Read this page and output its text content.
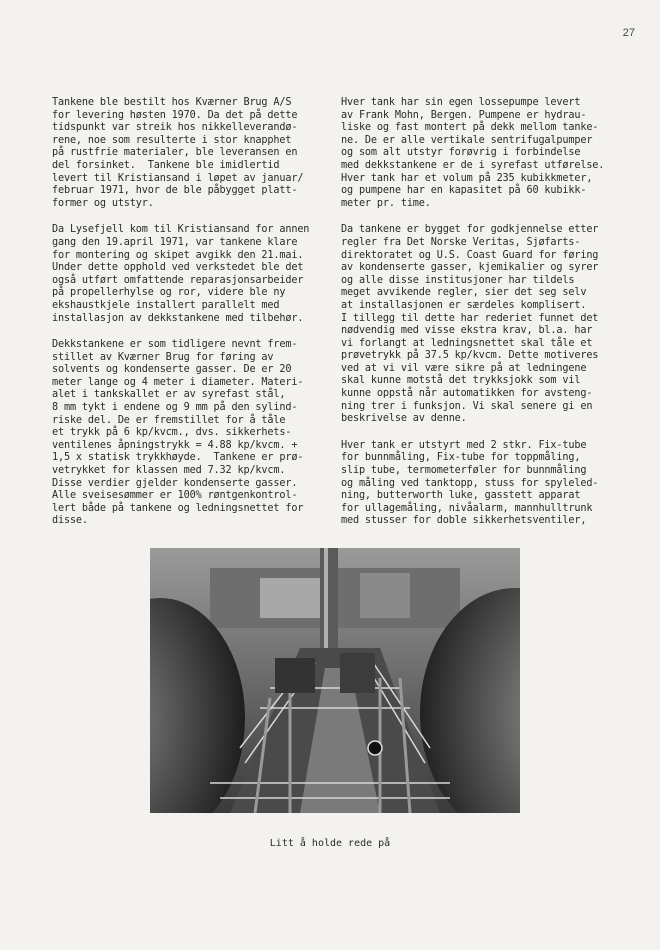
27

Tankene ble bestilt hos Kværner Brug A/S
for levering høsten 1970. Da det på dette
tidspunkt var streik hos nikkelleverandø-
rene, noe som resulterte i stor knapphet
på rustfrie materialer, ble leveransen en
del forsinket.  Tankene ble imidlertid
levert til Kristiansand i løpet av januar/
februar 1971, hvor de ble påbygget platt-
former og utstyr.

Da Lysefjell kom til Kristiansand for annen
gang den 19.april 1971, var tankene klare
for montering og skipet avgikk den 21.mai.
Under dette opphold ved verkstedet ble det
også utført omfattende reparasjonsarbeider
på propellerhylse og ror, videre ble ny
ekshaustkjele installert parallelt med
installasjon av dekkstankene med tilbehør.

Dekkstankene er som tidligere nevnt frem-
stillet av Kværner Brug for føring av
solvents og kondenserte gasser. De er 20
meter lange og 4 meter i diameter. Materi-
alet i tankskallet er av syrefast stål,
8 mm tykt i endene og 9 mm på den sylind-
riske del. De er fremstillet for å tåle
et trykk på 6 kp/kvcm., dvs. sikkerhets-
ventilenes åpningstrykk = 4.88 kp/kvcm. +
1,5 x statisk trykkhøyde.  Tankene er prø-
vetrykket for klassen med 7.32 kp/kvcm.
Disse verdier gjelder kondenserte gasser.
Alle sveisesømmer er 100% røntgenkontrol-
lert både på tankene og ledningsnettet for
disse.

Hver tank har sin egen lossepumpe levert
av Frank Mohn, Bergen. Pumpene er hydrau-
liske og fast montert på dekk mellom tanke-
ne. De er alle vertikale sentrifugalpumper
og som alt utstyr forøvrig i forbindelse
med dekkstankene er de i syrefast utførelse.
Hver tank har et volum på 235 kubikkmeter,
og pumpene har en kapasitet på 60 kubikk-
meter pr. time.

Da tankene er bygget for godkjennelse etter
regler fra Det Norske Veritas, Sjøfarts-
direktoratet og U.S. Coast Guard for føring
av kondenserte gasser, kjemikalier og syrer
og alle disse institusjoner har tildels
meget avvikende regler, sier det seg selv
at installasjonen er særdeles komplisert.
I tillegg til dette har rederiet funnet det
nødvendig med visse ekstra krav, bl.a. har
vi forlangt at ledningsnettet skal tåle et
prøvetrykk på 37.5 kp/kvcm. Dette motiveres
ved at vi vil være sikre på at ledningene
skal kunne motstå det trykksjokk som vil
kunne oppstå når automatikken for avsteng-
ning trer i funksjon. Vi skal senere gi en
beskrivelse av denne.

Hver tank er utstyrt med 2 stkr. Fix-tube
for bunnmåling, Fix-tube for toppmåling,
slip tube, termometerføler for bunnmåling
og måling ved tanktopp, stuss for spyleled-
ning, butterworth luke, gasstett apparat
for ullagemåling, nivåalarm, mannhulltrunk
med stusser for doble sikkerhetsventiler,

Litt å holde rede på
